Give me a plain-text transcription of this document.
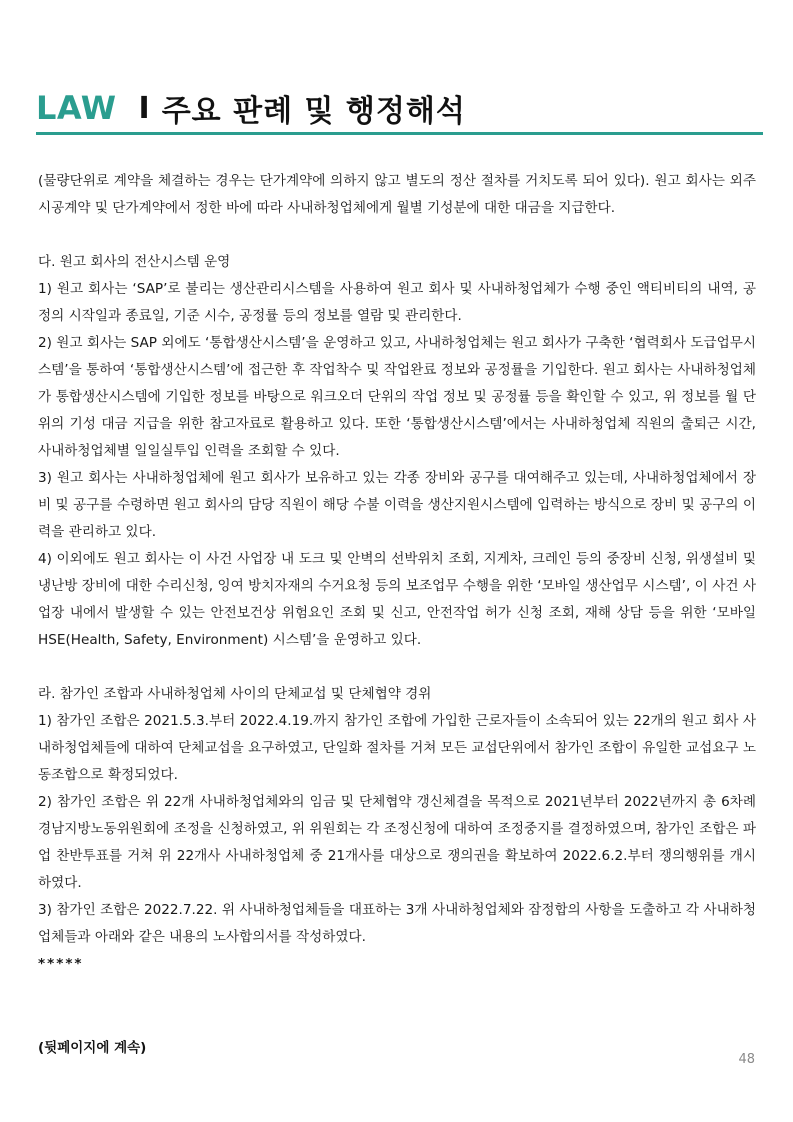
LAW I 주요 판례 및 행정해석

(물량단위로 계약을 체결하는 경우는 단가계약에 의하지 않고 별도의 정산 절차를 거치도록 되어 있다). 원고 회사는 외주 시공계약 및 단가계약에서 정한 바에 따라 사내하청업체에게 월별 기성분에 대한 대금을 지급한다.

다. 원고 회사의 전산시스템 운영

1) 원고 회사는 ‘SAP’로 불리는 생산관리시스템을 사용하여 원고 회사 및 사내하청업체가 수행 중인 액티비티의 내역, 공정의 시작일과 종료일, 기준 시수, 공정률 등의 정보를 열람 및 관리한다.

2) 원고 회사는 SAP 외에도 ‘통합생산시스템’을 운영하고 있고, 사내하청업체는 원고 회사가 구축한 ‘협력회사 도급업무시스템’을 통하여 ‘통합생산시스템’에 접근한 후 작업착수 및 작업완료 정보와 공정률을 기입한다. 원고 회사는 사내하청업체가 통합생산시스템에 기입한 정보를 바탕으로 워크오더 단위의 작업 정보 및 공정률 등을 확인할 수 있고, 위 정보를 월 단위의 기성 대금 지급을 위한 참고자료로 활용하고 있다. 또한 ‘통합생산시스템’에서는 사내하청업체 직원의 출퇴근 시간, 사내하청업체별 일일실투입 인력을 조회할 수 있다.

3) 원고 회사는 사내하청업체에 원고 회사가 보유하고 있는 각종 장비와 공구를 대여해주고 있는데, 사내하청업체에서 장비 및 공구를 수령하면 원고 회사의 담당 직원이 해당 수불 이력을 생산지원시스템에 입력하는 방식으로 장비 및 공구의 이력을 관리하고 있다.

4) 이외에도 원고 회사는 이 사건 사업장 내 도크 및 안벽의 선박위치 조회, 지게차, 크레인 등의 중장비 신청, 위생설비 및 냉난방 장비에 대한 수리신청, 잉여 방치자재의 수거요청 등의 보조업무 수행을 위한 ‘모바일 생산업무 시스템’, 이 사건 사업장 내에서 발생할 수 있는 안전보건상 위험요인 조회 및 신고, 안전작업 허가 신청 조회, 재해 상담 등을 위한 ‘모바일 HSE(Health, Safety, Environment) 시스템’을 운영하고 있다.

라. 참가인 조합과 사내하청업체 사이의 단체교섭 및 단체협약 경위

1) 참가인 조합은 2021.5.3.부터 2022.4.19.까지 참가인 조합에 가입한 근로자들이 소속되어 있는 22개의 원고 회사 사내하청업체들에 대하여 단체교섭을 요구하였고, 단일화 절차를 거쳐 모든 교섭단위에서 참가인 조합이 유일한 교섭요구 노동조합으로 확정되었다.

2) 참가인 조합은 위 22개 사내하청업체와의 임금 및 단체협약 갱신체결을 목적으로 2021년부터 2022년까지 총 6차례 경남지방노동위원회에 조정을 신청하였고, 위 위원회는 각 조정신청에 대하여 조정중지를 결정하였으며, 참가인 조합은 파업 찬반투표를 거쳐 위 22개사 사내하청업체 중 21개사를 대상으로 쟁의권을 확보하여 2022.6.2.부터 쟁의행위를 개시하였다.

3) 참가인 조합은 2022.7.22. 위 사내하청업체들을 대표하는 3개 사내하청업체와 잠정합의 사항을 도출하고 각 사내하청업체들과 아래와 같은 내용의 노사합의서를 작성하였다.

*****

(뒷페이지에 계속)
48
